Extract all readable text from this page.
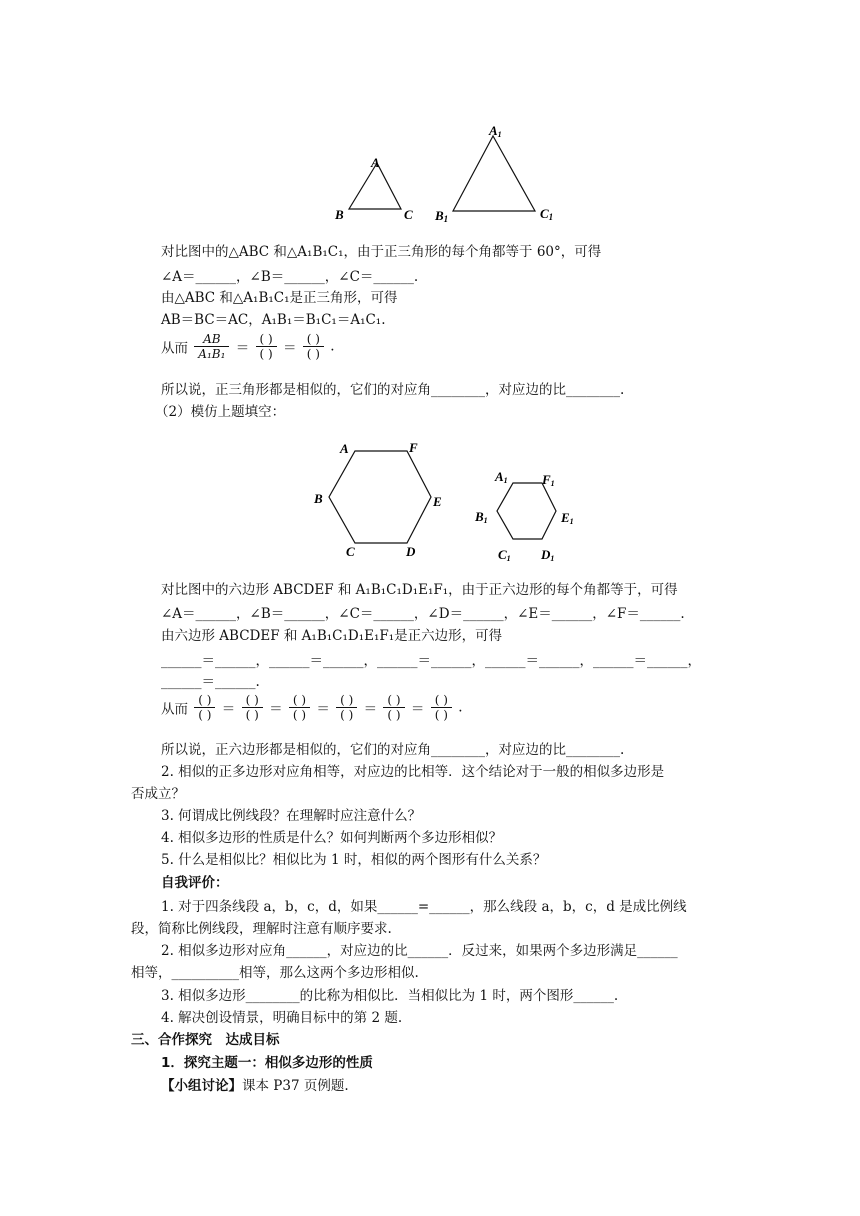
A
B	C
A1
B1	C1
A	F
B	E
C	D
A1	F1
B1	E1
C1 D1
对比图中的△ABC 和△A₁B₁C₁，由于正三角形的每个角都等于 60°，可得
∠A＝______，∠B＝______，∠C＝______.
由△ABC 和△A₁B₁C₁是正三角形，可得
AB＝BC＝AC，A₁B₁＝B₁C₁＝A₁C₁.
从而 $\frac{AB}{\text{A₁B₁}} = \frac{( )}{( )} = \frac{( )}{( )}$ .
所以说，正三角形都是相似的，它们的对应角________，对应边的比________.
（2）模仿上题填空：
对比图中的六边形 ABCDEF 和 A₁B₁C₁D₁E₁F₁，由于正六边形的每个角都等于，可得
∠A＝______，∠B＝______，∠C＝______，∠D＝______，∠E＝______，∠F＝______.
由六边形 ABCDEF 和 A₁B₁C₁D₁E₁F₁是正六边形，可得
______＝______，______＝______，______＝______，______＝______，______＝______，
______＝______.
从而 $\frac{( )}{( )} = \frac{( )}{( )} = \frac{( )}{( )} = \frac{( )}{( )} = \frac{( )}{( )} = \frac{( )}{( )}$ .
所以说，正六边形都是相似的，它们的对应角________，对应边的比________.
2. 相似的正多边形对应角相等，对应边的比相等．这个结论对于一般的相似多边形是
否成立？
3. 何谓成比例线段？在理解时应注意什么？
4. 相似多边形的性质是什么？如何判断两个多边形相似？
5. 什么是相似比？相似比为 1 时，相似的两个图形有什么关系？
自我评价：
1. 对于四条线段 a，b，c，d，如果______=______，那么线段 a，b，c，d 是成比例线
段，简称比例线段，理解时注意有顺序要求.
2. 相似多边形对应角______，对应边的比______．反过来，如果两个多边形满足______
相等，__________相等，那么这两个多边形相似.
3. 相似多边形________的比称为相似比．当相似比为 1 时，两个图形______.
4. 解决创设情景，明确目标中的第 2 题.
三、合作探究　达成目标
1．探究主题一：相似多边形的性质
【小组讨论】课本 P37 页例题.
